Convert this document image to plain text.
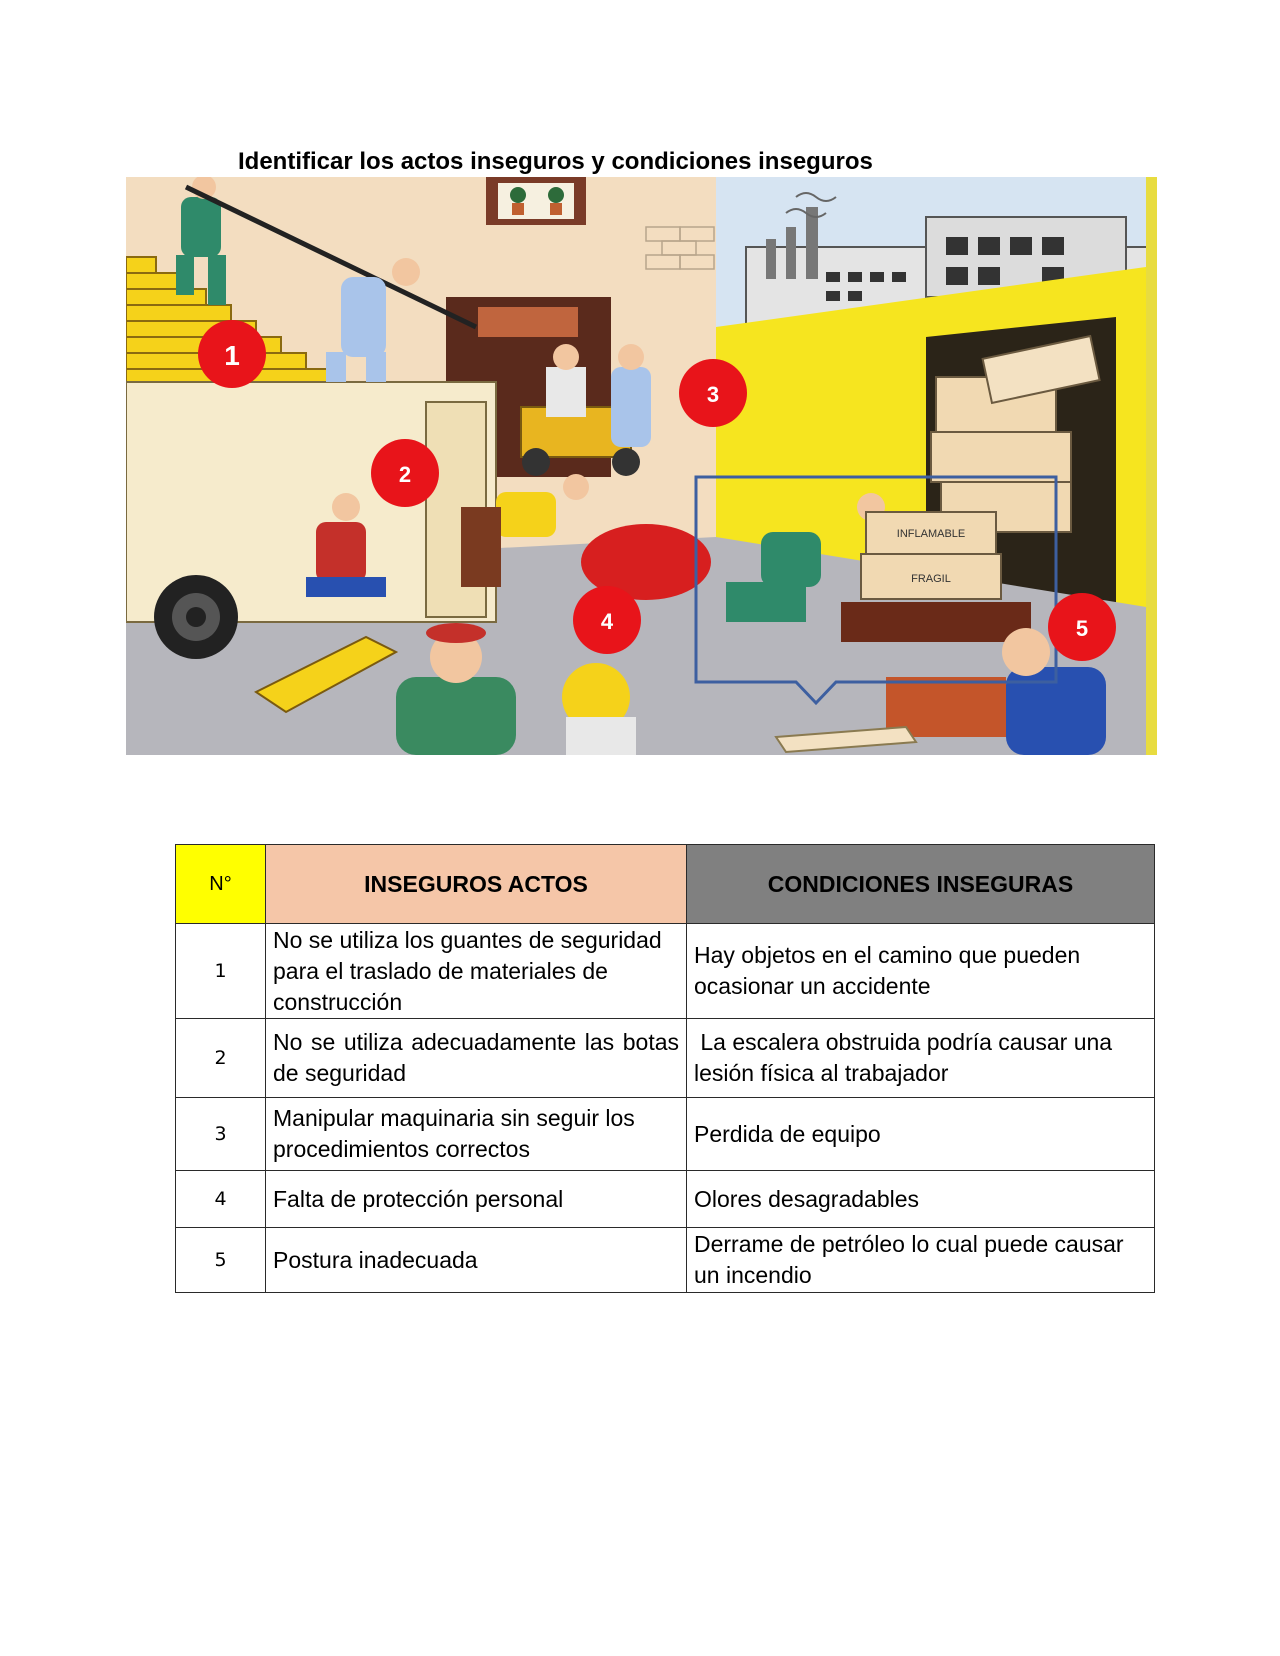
Identificar los actos inseguros y condiciones inseguros
INFLAMABLE
FRAGIL
1
2
3
4	5
N°	INSEGUROS ACTOS	CONDICIONES INSEGURAS
1	No se utiliza los guantes de seguridad para el traslado de materiales de construcción	Hay objetos en el camino que pueden ocasionar un accidente
2	No se utiliza adecuadamente las botas de seguridad	La escalera obstruida podría causar una lesión física al trabajador
3	Manipular maquinaria sin seguir los procedimientos correctos	Perdida de equipo
4	Falta de protección personal	Olores desagradables
5	Postura inadecuada	Derrame de petróleo lo cual puede causar un incendio
